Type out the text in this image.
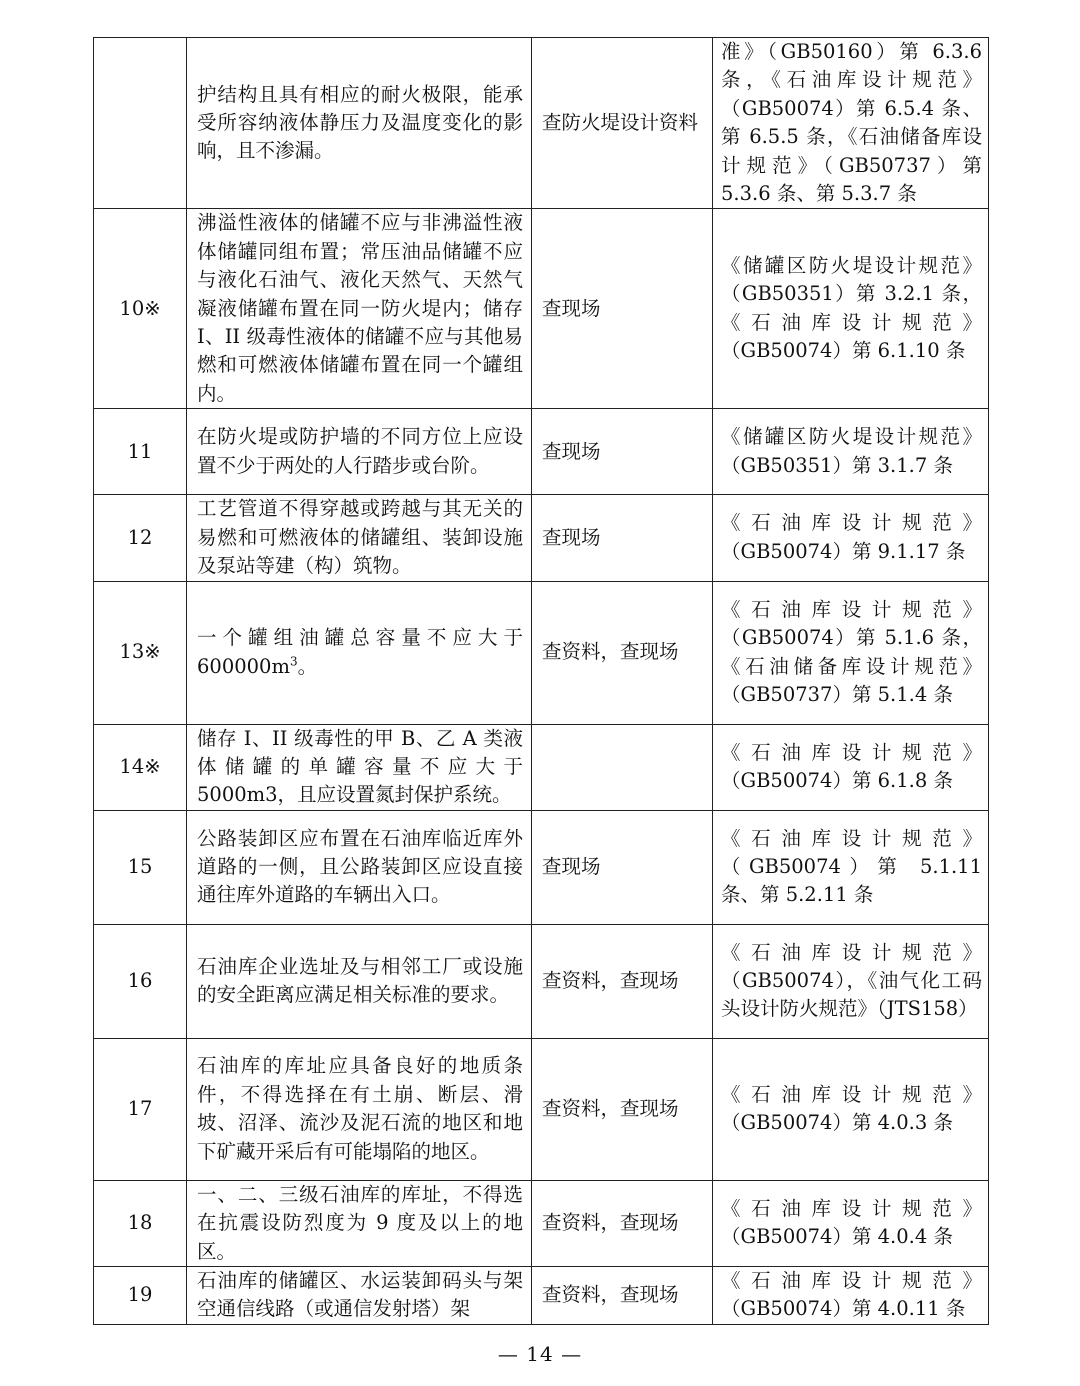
	护结构且具有相应的耐火极限，能承受所容纳液体静压力及温度变化的影响，且不渗漏。	查防火堤设计资料	准》（GB50160）第 6.3.6 条，《石油库设计规范》（GB50074）第 6.5.4 条、第 6.5.5 条，《石油储备库设计规范》（GB50737）第 5.3.6 条、第 5.3.7 条
10※	沸溢性液体的储罐不应与非沸溢性液体储罐同组布置；常压油品储罐不应与液化石油气、液化天然气、天然气凝液储罐布置在同一防火堤内；储存 I、II 级毒性液体的储罐不应与其他易燃和可燃液体储罐布置在同一个罐组内。	查现场	《储罐区防火堤设计规范》（GB50351）第 3.2.1 条，《石油库设计规范》（GB50074）第 6.1.10 条
11	在防火堤或防护墙的不同方位上应设置不少于两处的人行踏步或台阶。	查现场	《储罐区防火堤设计规范》（GB50351）第 3.1.7 条
12	工艺管道不得穿越或跨越与其无关的易燃和可燃液体的储罐组、装卸设施及泵站等建（构）筑物。	查现场	《石油库设计规范》（GB50074）第 9.1.17 条
13※	一个罐组油罐总容量不应大于 $600000m^3$。	查资料，查现场	《石油库设计规范》（GB50074）第 5.1.6 条，《石油储备库设计规范》（GB50737）第 5.1.4 条
14※	储存 I、II 级毒性的甲 B、乙 A 类液体储罐的单罐容量不应大于 5000m3，且应设置氮封保护系统。		《石油库设计规范》（GB50074）第 6.1.8 条
15	公路装卸区应布置在石油库临近库外道路的一侧，且公路装卸区应设直接通往库外道路的车辆出入口。	查现场	《石油库设计规范》（GB50074）第 5.1.11 条、第 5.2.11 条
16	石油库企业选址及与相邻工厂或设施的安全距离应满足相关标准的要求。	查资料，查现场	《石油库设计规范》（GB50074），《油气化工码头设计防火规范》（JTS158）
17	石油库的库址应具备良好的地质条件，不得选择在有土崩、断层、滑坡、沼泽、流沙及泥石流的地区和地下矿藏开采后有可能塌陷的地区。	查资料，查现场	《石油库设计规范》（GB50074）第 4.0.3 条
18	一、二、三级石油库的库址，不得选在抗震设防烈度为 9 度及以上的地区。	查资料，查现场	《石油库设计规范》（GB50074）第 4.0.4 条
19	石油库的储罐区、水运装卸码头与架空通信线路（或通信发射塔）架	查资料，查现场	《石油库设计规范》（GB50074）第 4.0.11 条
— 14 —
